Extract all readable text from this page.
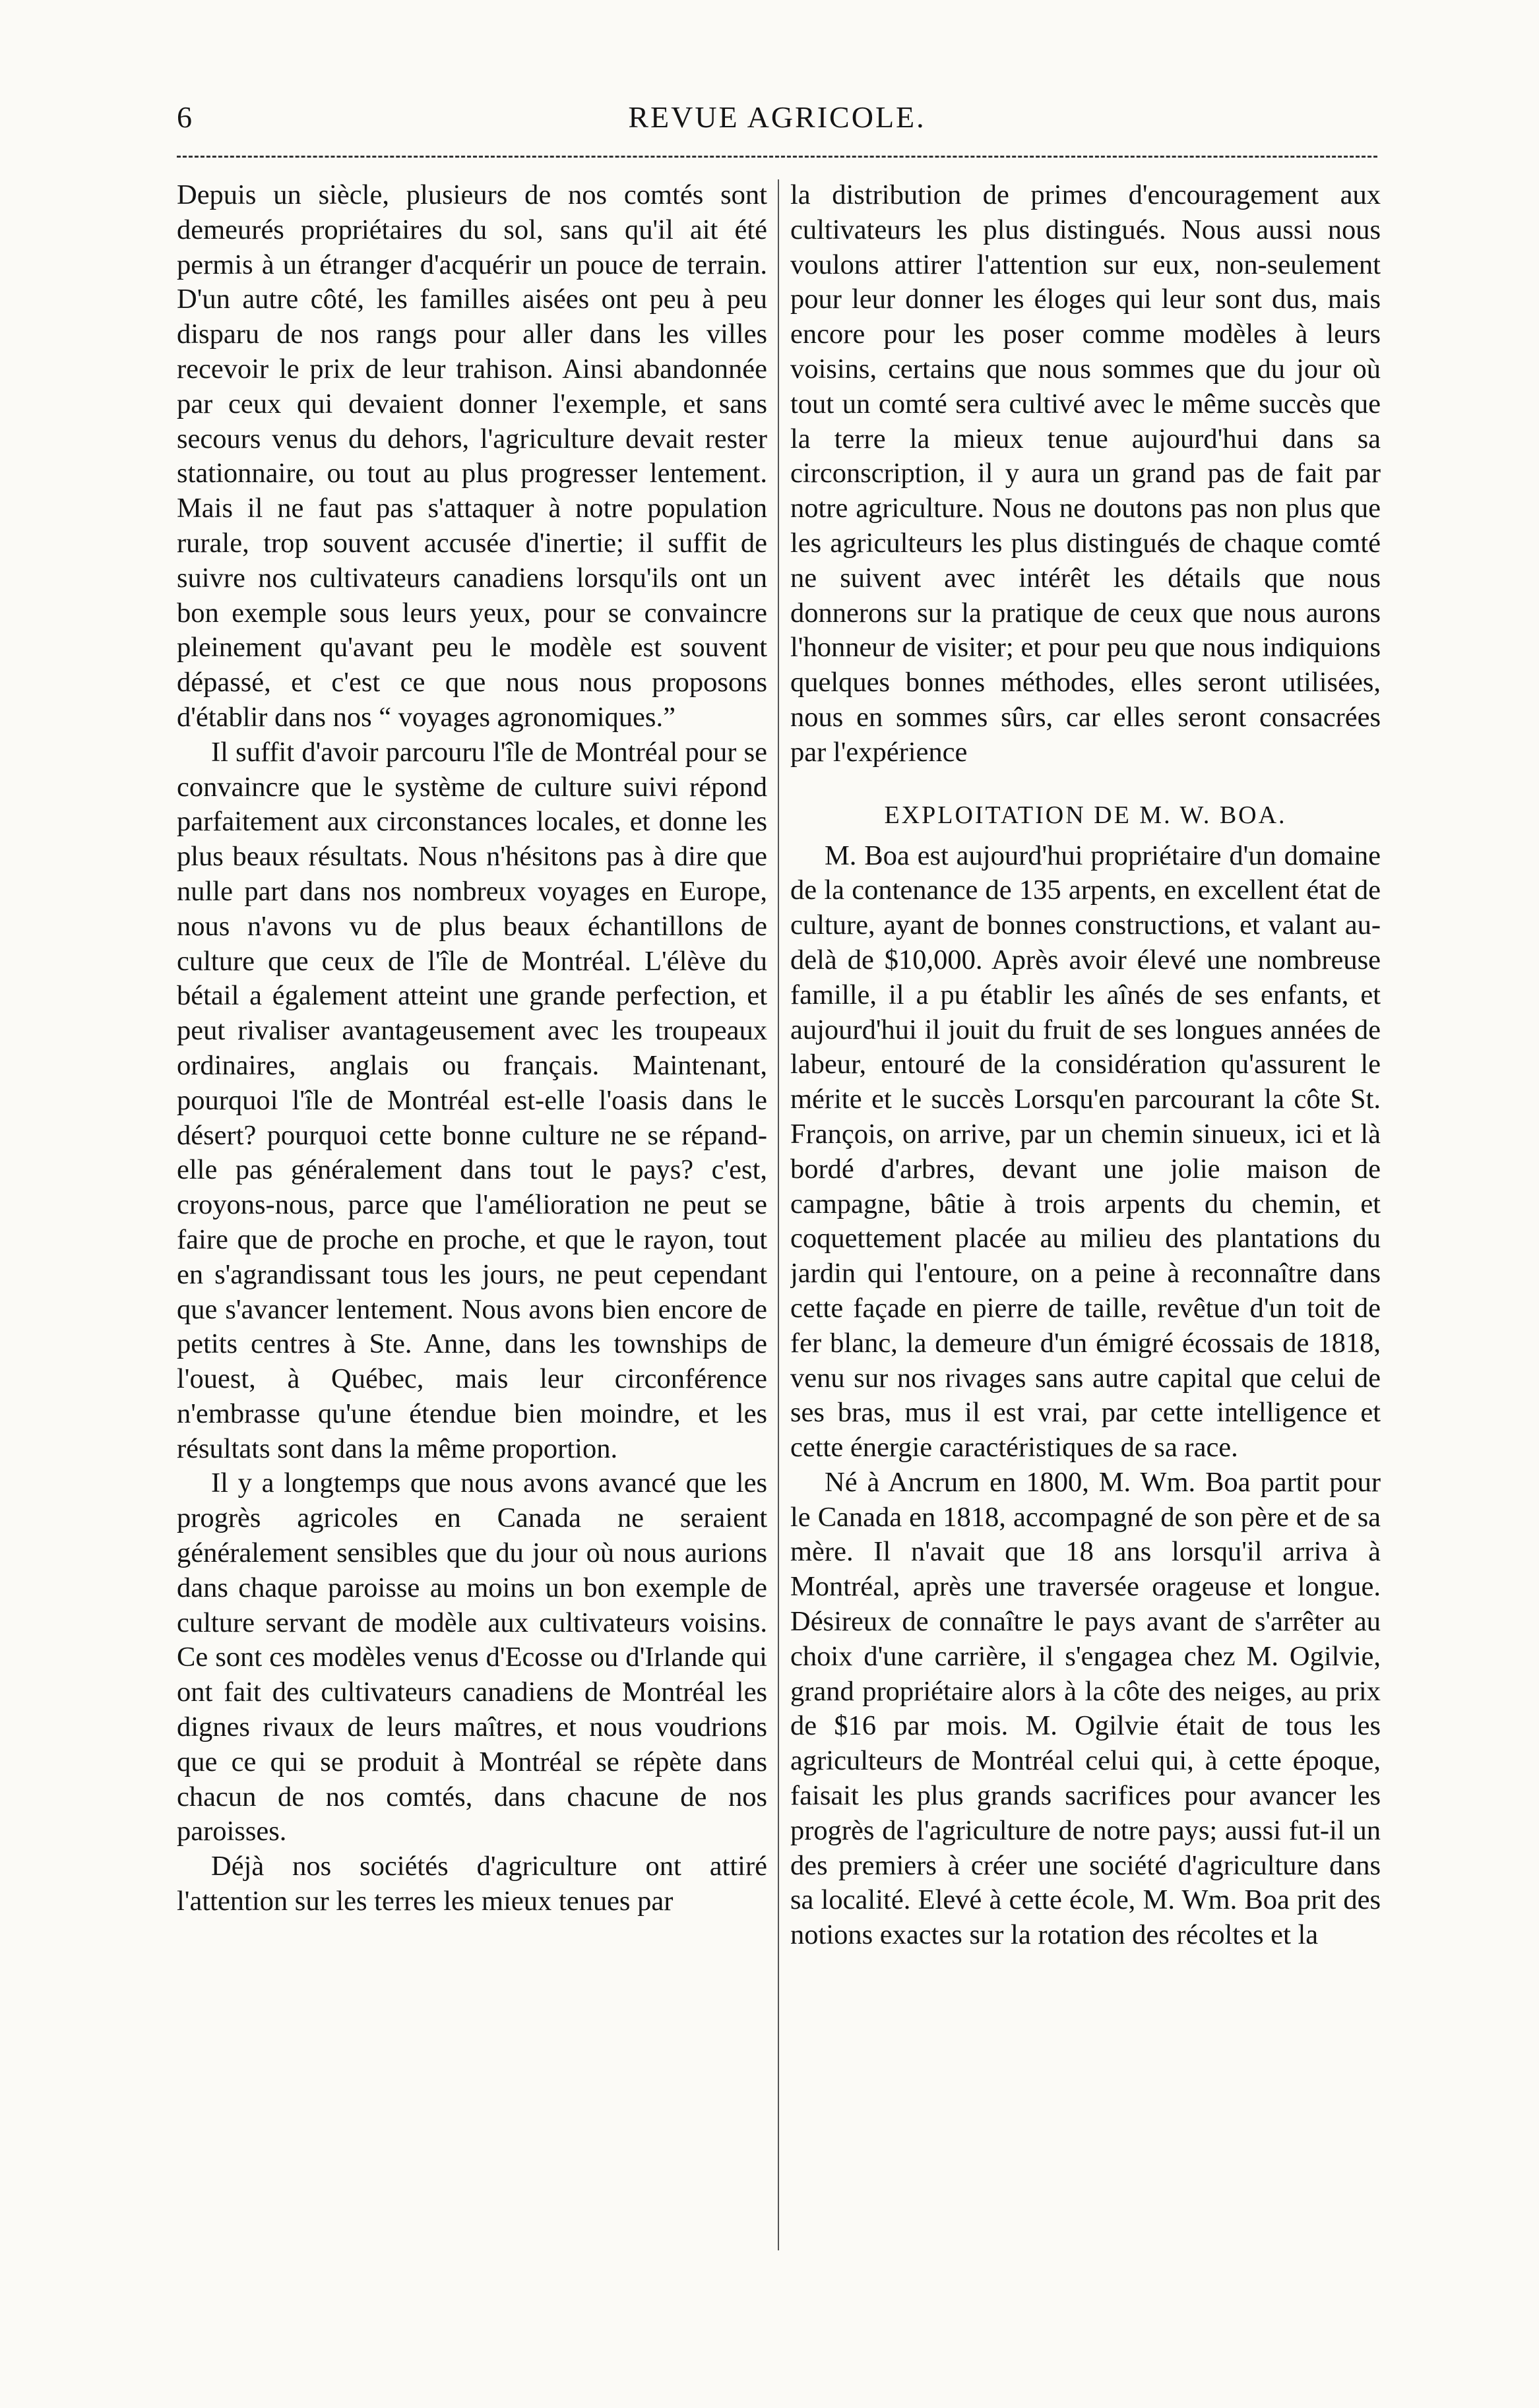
6	REVUE AGRICOLE.

Depuis un siècle, plusieurs de nos comtés sont demeurés propriétaires du sol, sans qu'il ait été permis à un étranger d'acquérir un pouce de terrain. D'un autre côté, les familles aisées ont peu à peu disparu de nos rangs pour aller dans les villes recevoir le prix de leur trahison. Ainsi abandonnée par ceux qui devaient donner l'exemple, et sans secours venus du dehors, l'agriculture devait rester stationnaire, ou tout au plus progresser lentement. Mais il ne faut pas s'attaquer à notre population rurale, trop souvent accusée d'inertie; il suffit de suivre nos cultivateurs canadiens lorsqu'ils ont un bon exemple sous leurs yeux, pour se convaincre pleinement qu'avant peu le modèle est souvent dépassé, et c'est ce que nous nous proposons d'établir dans nos “ voyages agronomiques.”

Il suffit d'avoir parcouru l'île de Montréal pour se convaincre que le système de culture suivi répond parfaitement aux circonstances locales, et donne les plus beaux résultats. Nous n'hésitons pas à dire que nulle part dans nos nombreux voyages en Europe, nous n'avons vu de plus beaux échantillons de culture que ceux de l'île de Montréal. L'élève du bétail a également atteint une grande perfection, et peut rivaliser avantageusement avec les troupeaux ordinaires, anglais ou français. Maintenant, pourquoi l'île de Montréal est-elle l'oasis dans le désert? pourquoi cette bonne culture ne se répand-elle pas généralement dans tout le pays? c'est, croyons-nous, parce que l'amélioration ne peut se faire que de proche en proche, et que le rayon, tout en s'agrandissant tous les jours, ne peut cependant que s'avancer lentement. Nous avons bien encore de petits centres à Ste. Anne, dans les townships de l'ouest, à Québec, mais leur circonférence n'embrasse qu'une étendue bien moindre, et les résultats sont dans la même proportion.

Il y a longtemps que nous avons avancé que les progrès agricoles en Canada ne seraient généralement sensibles que du jour où nous aurions dans chaque paroisse au moins un bon exemple de culture servant de modèle aux cultivateurs voisins. Ce sont ces modèles venus d'Ecosse ou d'Irlande qui ont fait des cultivateurs canadiens de Montréal les dignes rivaux de leurs maîtres, et nous voudrions que ce qui se produit à Montréal se répète dans chacun de nos comtés, dans chacune de nos paroisses.

Déjà nos sociétés d'agriculture ont attiré l'attention sur les terres les mieux tenues par

la distribution de primes d'encouragement aux cultivateurs les plus distingués. Nous aussi nous voulons attirer l'attention sur eux, non-seulement pour leur donner les éloges qui leur sont dus, mais encore pour les poser comme modèles à leurs voisins, certains que nous sommes que du jour où tout un comté sera cultivé avec le même succès que la terre la mieux tenue aujourd'hui dans sa circonscription, il y aura un grand pas de fait par notre agriculture. Nous ne doutons pas non plus que les agriculteurs les plus distingués de chaque comté ne suivent avec intérêt les détails que nous donnerons sur la pratique de ceux que nous aurons l'honneur de visiter; et pour peu que nous indiquions quelques bonnes méthodes, elles seront utilisées, nous en sommes sûrs, car elles seront consacrées par l'expérience

EXPLOITATION DE M. W. BOA.

M. Boa est aujourd'hui propriétaire d'un domaine de la contenance de 135 arpents, en excellent état de culture, ayant de bonnes constructions, et valant au-delà de $10,000. Après avoir élevé une nombreuse famille, il a pu établir les aînés de ses enfants, et aujourd'hui il jouit du fruit de ses longues années de labeur, entouré de la considération qu'assurent le mérite et le succès Lorsqu'en parcourant la côte St. François, on arrive, par un chemin sinueux, ici et là bordé d'arbres, devant une jolie maison de campagne, bâtie à trois arpents du chemin, et coquettement placée au milieu des plantations du jardin qui l'entoure, on a peine à reconnaître dans cette façade en pierre de taille, revêtue d'un toit de fer blanc, la demeure d'un émigré écossais de 1818, venu sur nos rivages sans autre capital que celui de ses bras, mus il est vrai, par cette intelligence et cette énergie caractéristiques de sa race.

Né à Ancrum en 1800, M. Wm. Boa partit pour le Canada en 1818, accompagné de son père et de sa mère. Il n'avait que 18 ans lorsqu'il arriva à Montréal, après une traversée orageuse et longue. Désireux de connaître le pays avant de s'arrêter au choix d'une carrière, il s'engagea chez M. Ogilvie, grand propriétaire alors à la côte des neiges, au prix de $16 par mois. M. Ogilvie était de tous les agriculteurs de Montréal celui qui, à cette époque, faisait les plus grands sacrifices pour avancer les progrès de l'agriculture de notre pays; aussi fut-il un des premiers à créer une société d'agriculture dans sa localité. Elevé à cette école, M. Wm. Boa prit des notions exactes sur la rotation des récoltes et la
